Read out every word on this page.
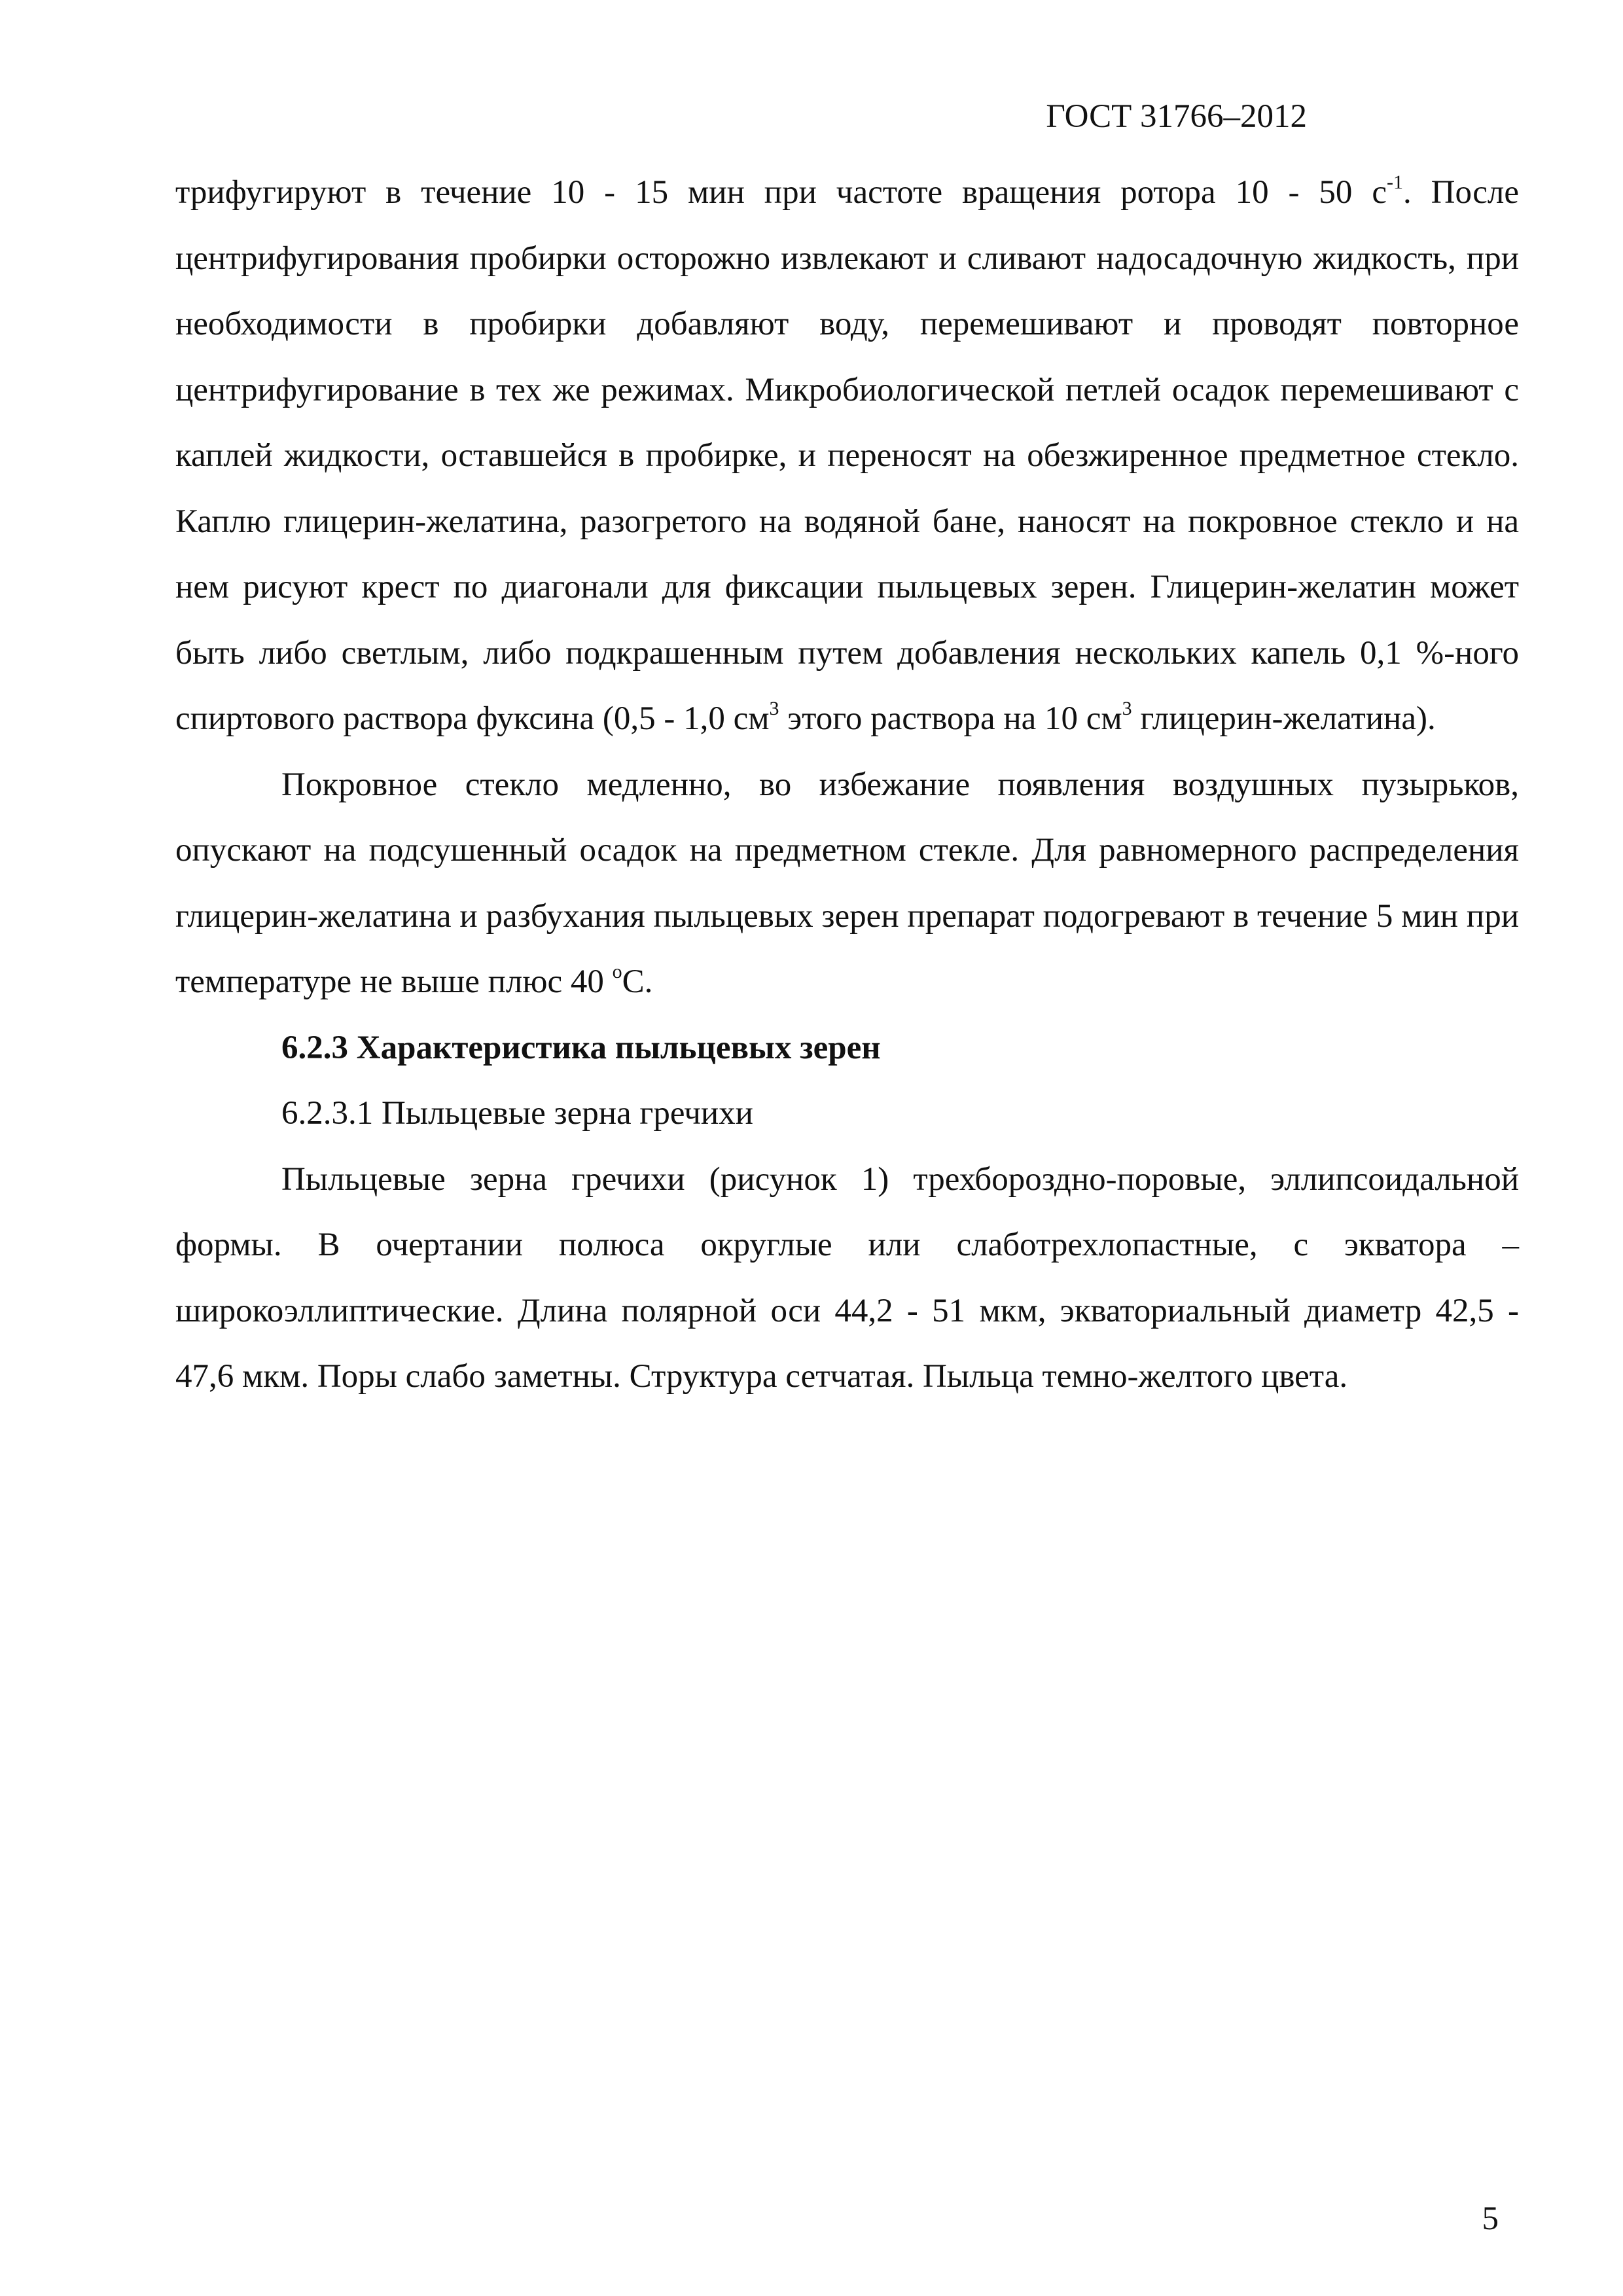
ГОСТ 31766–2012

трифугируют в течение 10 - 15 мин при частоте вращения ротора 10 - 50 $с^{-1}$. После центрифугирования пробирки осторожно извлекают и сливают надосадочную жидкость, при необходимости в пробирки добавляют воду, перемешивают и проводят повторное центрифугирование в тех же режимах. Микробиологической петлей осадок перемешивают с каплей жидкости, оставшейся в пробирке, и переносят на обезжиренное предметное стекло. Каплю глицерин-желатина, разогретого на водяной бане, наносят на покровное стекло и на нем рисуют крест по диагонали для фиксации пыльцевых зерен. Глицерин-желатин может быть либо светлым, либо подкрашенным путем добавления нескольких капель 0,1 %-ного спиртового раствора фуксина (0,5 - 1,0 $см^3$ этого раствора на 10 $см^3$ глицерин-желатина).

Покровное стекло медленно, во избежание появления воздушных пузырьков, опускают на подсушенный осадок на предметном стекле. Для равномерного распределения глицерин-желатина и разбухания пыльцевых зерен препарат подогревают в течение 5 мин при температуре не выше плюс 40 $^о$С.

6.2.3 Характеристика пыльцевых зерен

6.2.3.1 Пыльцевые зерна гречихи

Пыльцевые зерна гречихи (рисунок 1) трехбороздно-поровые, эллипсоидальной формы. В очертании полюса округлые или слаботрехлопастные, с экватора – широкоэллиптические. Длина полярной оси 44,2 - 51 мкм, экваториальный диаметр 42,5 - 47,6 мкм. Поры слабо заметны. Структура сетчатая. Пыльца темно-желтого цвета.

5
